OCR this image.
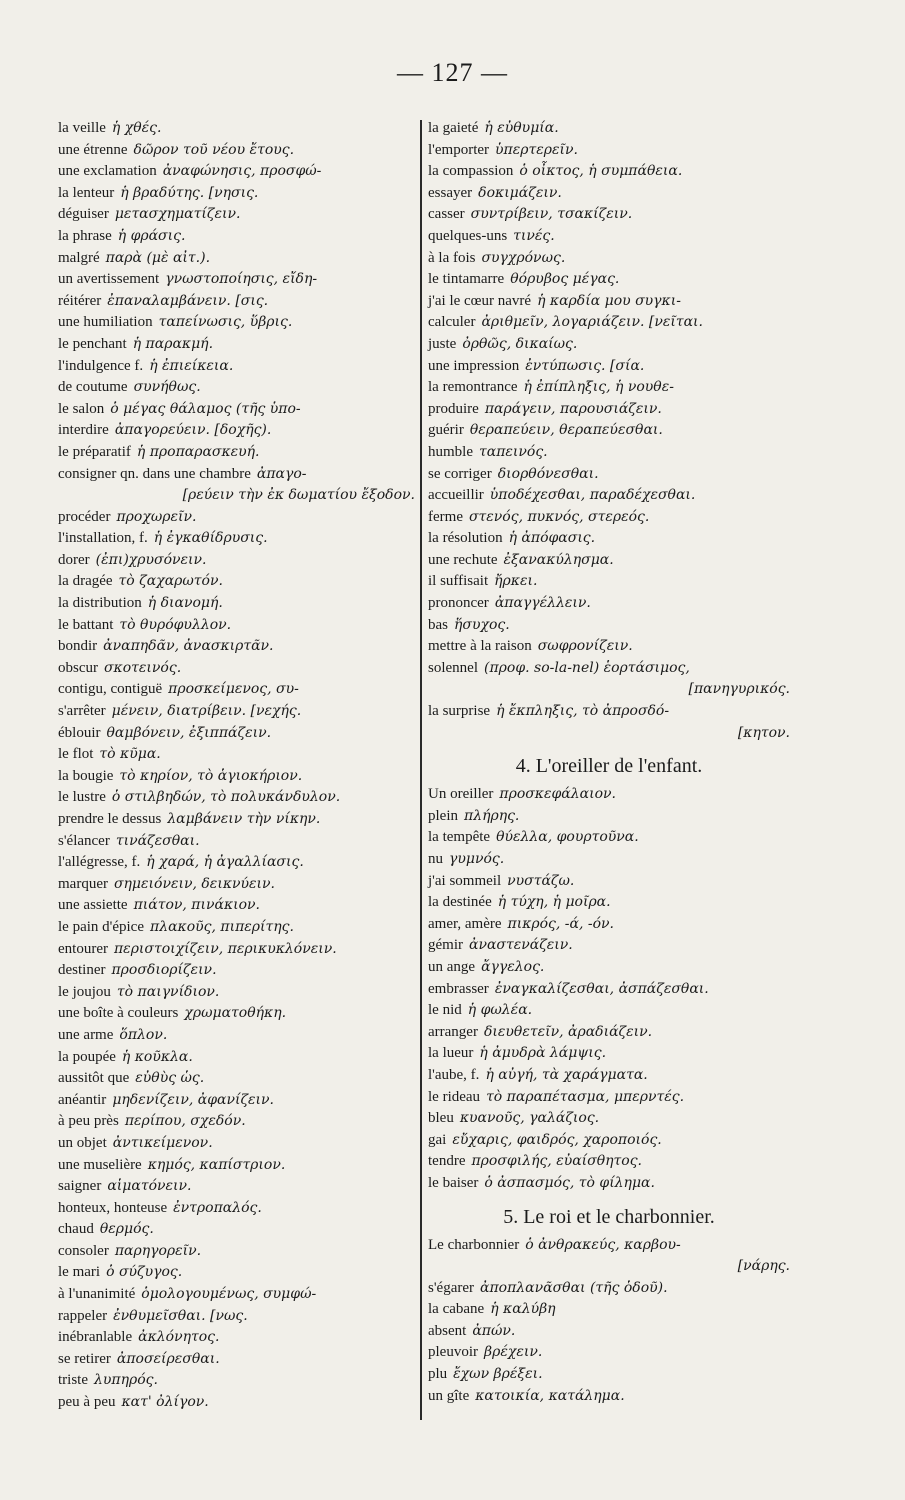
— 127 —
la veille ἡ χθές.
une étrenne δῶρον τοῦ νέου ἔτους.
une exclamation ἀναφώνησις, προσφώ-
la lenteur ἡ βραδύτης. [νησις.
déguiser μετασχηματίζειν.
la phrase ἡ φράσις.
malgré παρὰ (μὲ αἰτ.).
un avertissement γνωστοποίησις, εἴδη-
réitérer ἐπαναλαμβάνειν. [σις.
une humiliation ταπείνωσις, ὕβρις.
le penchant ἡ παρακμή.
l'indulgence f. ἡ ἐπιείκεια.
de coutume συνήθως.
le salon ὁ μέγας θάλαμος (τῆς ὑπο-
interdire ἀπαγορεύειν. [δοχῆς).
le préparatif ἡ προπαρασκευή.
consigner qn. dans une chambre ἀπαγο-
[ρεύειν τὴν ἐκ δωματίου ἔξοδον.
procéder προχωρεῖν.
l'installation, f. ἡ ἐγκαθίδρυσις.
dorer (ἐπι)χρυσόνειν.
la dragée τὸ ζαχαρωτόν.
la distribution ἡ διανομή.
le battant τὸ θυρόφυλλον.
bondir ἀναπηδᾶν, ἀνασκιρτᾶν.
obscur σκοτεινός.
contigu, contiguë προσκείμενος, συ-
s'arrêter μένειν, διατρίβειν. [νεχής.
éblouir θαμβόνειν, ἐξιππάζειν.
le flot τὸ κῦμα.
la bougie τὸ κηρίον, τὸ ἁγιοκήριον.
le lustre ὁ στιλβηδών, τὸ πολυκάνδυλον.
prendre le dessus λαμβάνειν τὴν νίκην.
s'élancer τινάζεσθαι.
l'allégresse, f. ἡ χαρά, ἡ ἀγαλλίασις.
marquer σημειόνειν, δεικνύειν.
une assiette πιάτον, πινάκιον.
le pain d'épice πλακοῦς, πιπερίτης.
entourer περιστοιχίζειν, περικυκλόνειν.
destiner προσδιορίζειν.
le joujou τὸ παιγνίδιον.
une boîte à couleurs χρωματοθήκη.
une arme ὅπλον.
la poupée ἡ κοῦκλα.
aussitôt que εὐθὺς ὡς.
anéantir μηδενίζειν, ἀφανίζειν.
à peu près περίπου, σχεδόν.
un objet ἀντικείμενον.
une muselière κημός, καπίστριον.
saigner αἱματόνειν.
honteux, honteuse ἐντροπαλός.
chaud θερμός.
consoler παρηγορεῖν.
le mari ὁ σύζυγος.
à l'unanimité ὁμολογουμένως, συμφώ-
rappeler ἐνθυμεῖσθαι. [νως.
inébranlable ἀκλόνητος.
se retirer ἀποσείρεσθαι.
triste λυπηρός.
peu à peu κατ' ὀλίγον.
la gaieté ἡ εὐθυμία.
l'emporter ὑπερτερεῖν.
la compassion ὁ οἶκτος, ἡ συμπάθεια.
essayer δοκιμάζειν.
casser συντρίβειν, τσακίζειν.
quelques-uns τινές.
à la fois συγχρόνως.
le tintamarre θόρυβος μέγας.
j'ai le cœur navré ἡ καρδία μου συγκι-
calculer ἀριθμεῖν, λογαριάζειν. [νεῖται.
juste ὀρθῶς, δικαίως.
une impression ἐντύπωσις. [σία.
la remontrance ἡ ἐπίπληξις, ἡ νουθε-
produire παράγειν, παρουσιάζειν.
guérir θεραπεύειν, θεραπεύεσθαι.
humble ταπεινός.
se corriger διορθόνεσθαι.
accueillir ὑποδέχεσθαι, παραδέχεσθαι.
ferme στενός, πυκνός, στερεός.
la résolution ἡ ἀπόφασις.
une rechute ἐξανακύλησμα.
il suffisait ἤρκει.
prononcer ἀπαγγέλλειν.
bas ἥσυχος.
mettre à la raison σωφρονίζειν.
solennel (προφ. so-la-nel) ἑορτάσιμος,
[πανηγυρικός.
la surprise ἡ ἔκπληξις, τὸ ἀπροσδό-
[κητον.
4. L'oreiller de l'enfant.
Un oreiller προσκεφάλαιον.
plein πλήρης.
la tempête θύελλα, φουρτοῦνα.
nu γυμνός.
j'ai sommeil νυστάζω.
la destinée ἡ τύχη, ἡ μοῖρα.
amer, amère πικρός, -ά, -όν.
gémir ἀναστενάζειν.
un ange ἄγγελος.
embrasser ἐναγκαλίζεσθαι, ἀσπάζεσθαι.
le nid ἡ φωλέα.
arranger διευθετεῖν, ἀραδιάζειν.
la lueur ἡ ἀμυδρὰ λάμψις.
l'aube, f. ἡ αὐγή, τὰ χαράγματα.
le rideau τὸ παραπέτασμα, μπερντές.
bleu κυανοῦς, γαλάζιος.
gai εὔχαρις, φαιδρός, χαροποιός.
tendre προσφιλής, εὐαίσθητος.
le baiser ὁ ἀσπασμός, τὸ φίλημα.
5. Le roi et le charbonnier.
Le charbonnier ὁ ἀνθρακεύς, καρβου-
[νάρης.
s'égarer ἀποπλανᾶσθαι (τῆς ὁδοῦ).
la cabane ἡ καλύβη
absent ἀπών.
pleuvoir βρέχειν.
plu ἔχων βρέξει.
un gîte κατοικία, κατάλημα.
